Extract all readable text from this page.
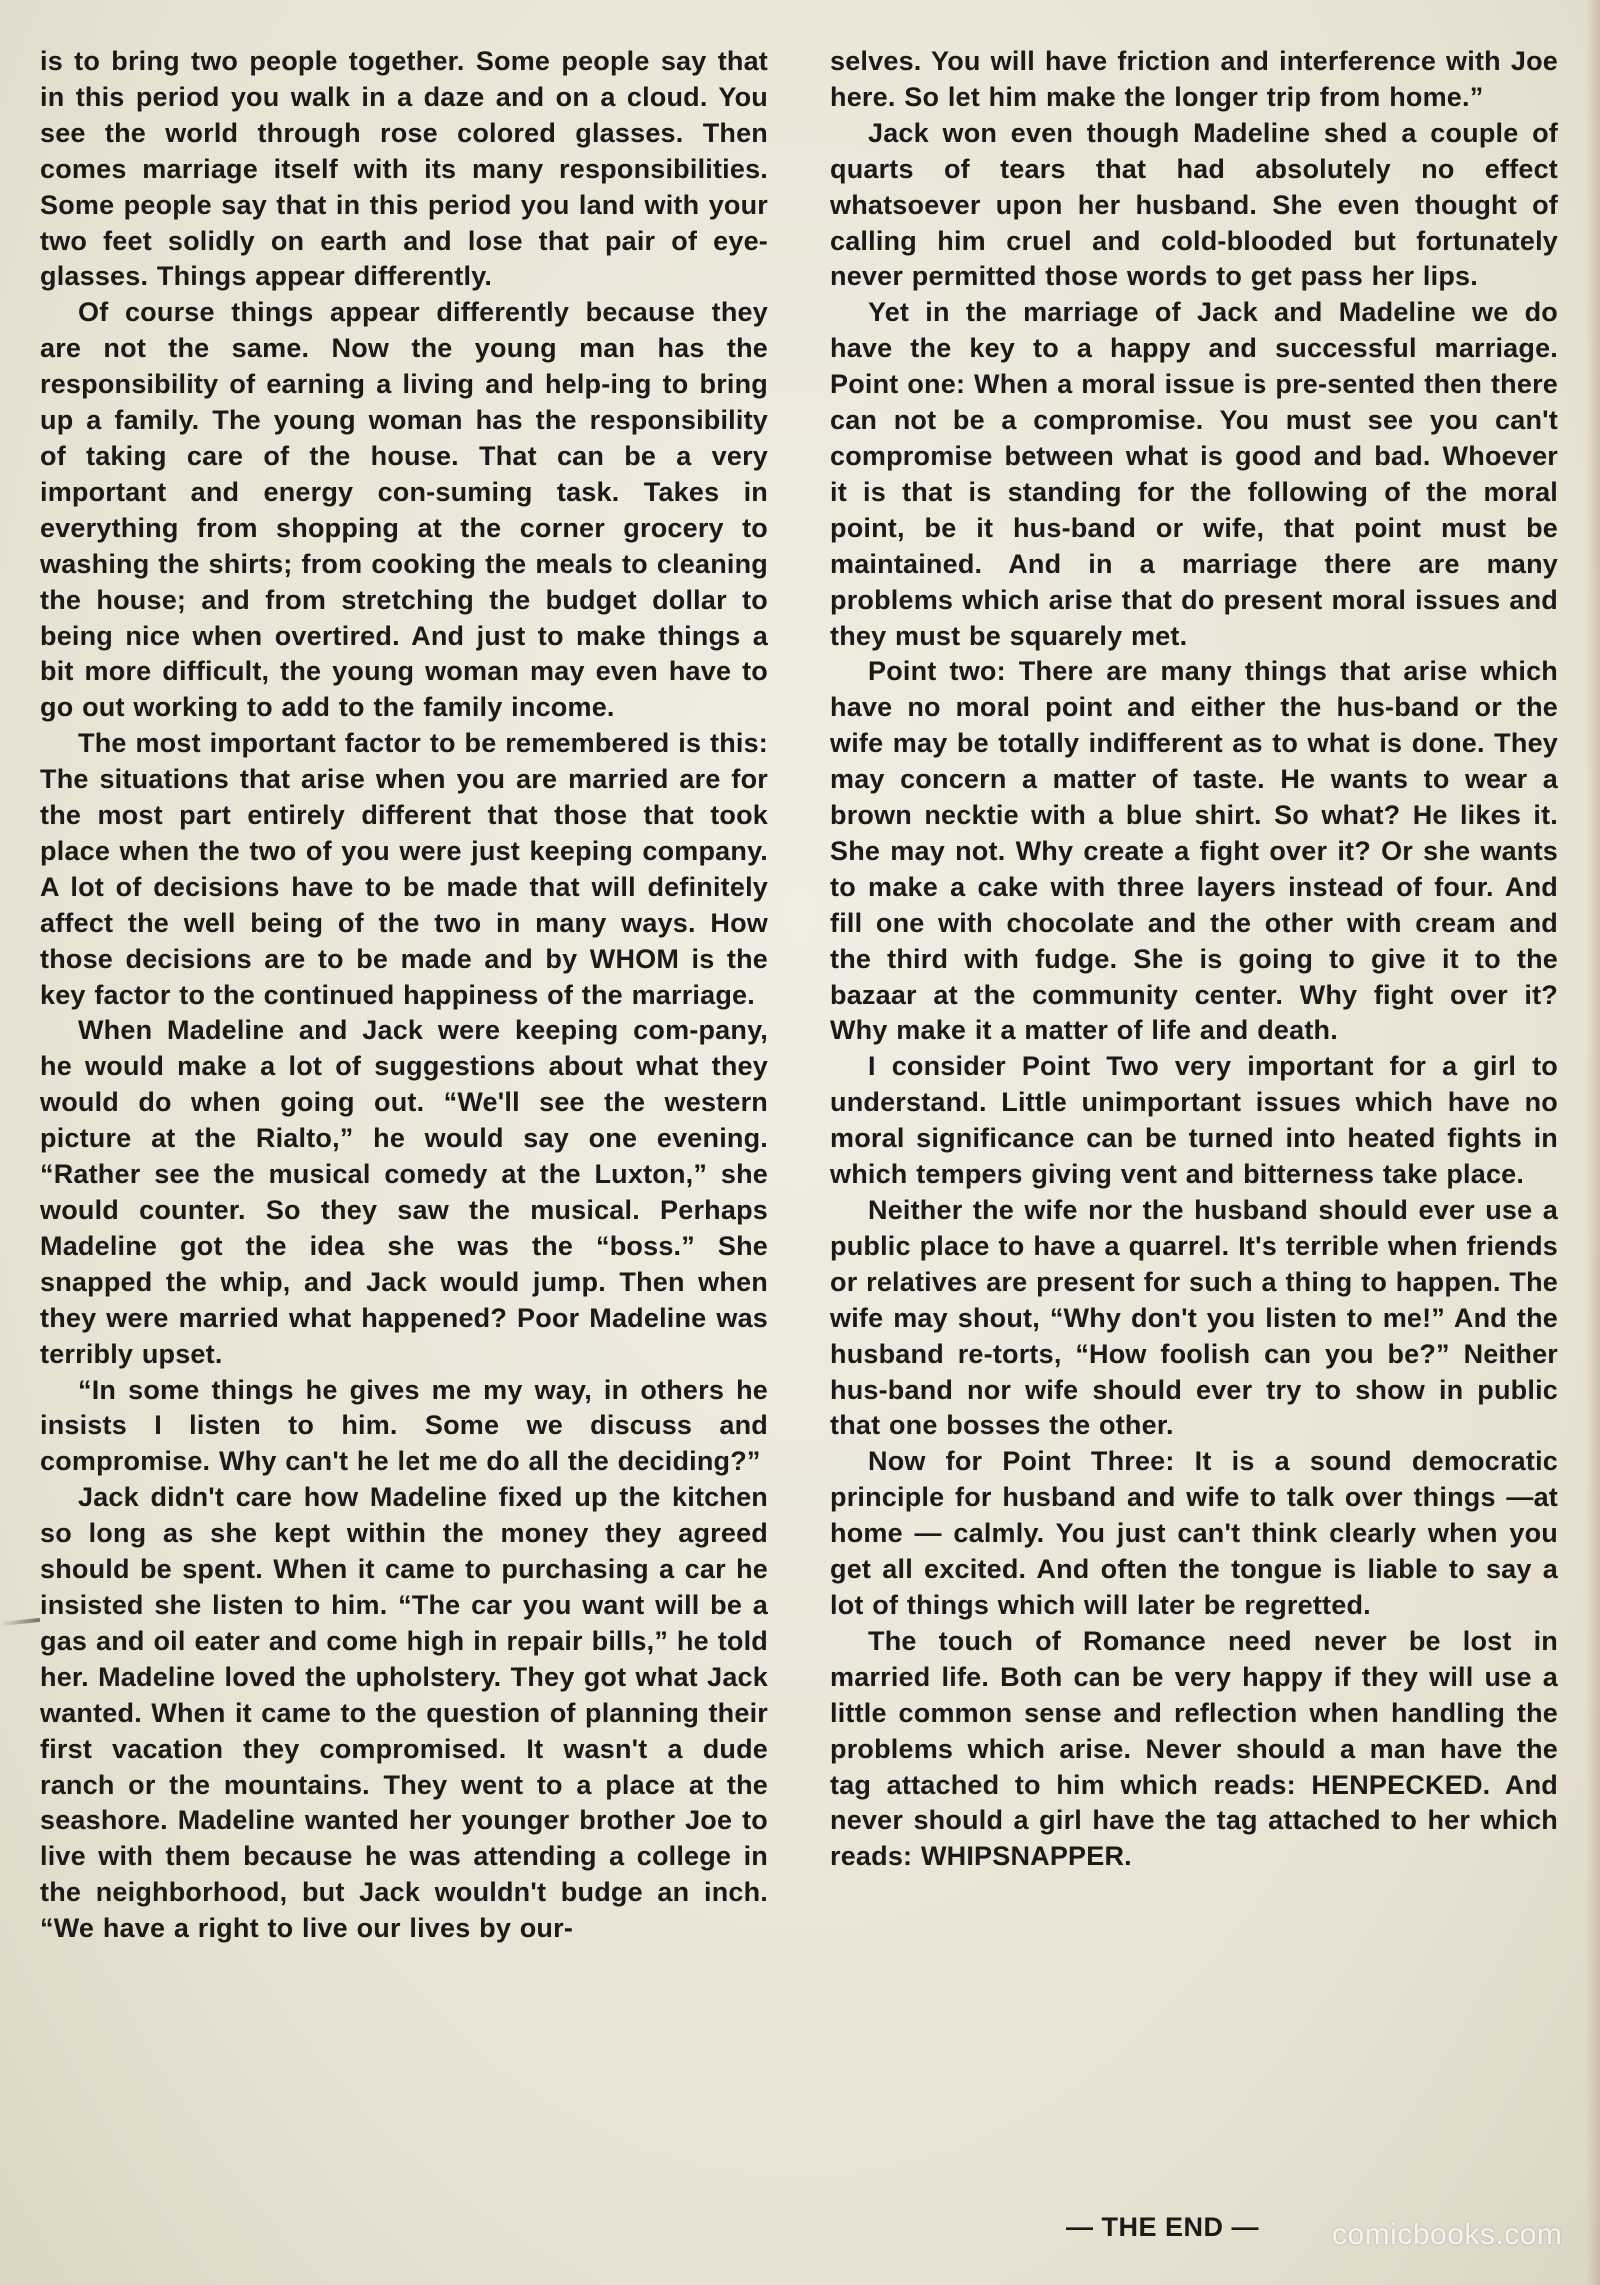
is to bring two people together. Some people say that in this period you walk in a daze and on a cloud. You see the world through rose colored glasses. Then comes marriage itself with its many responsibilities. Some people say that in this period you land with your two feet solidly on earth and lose that pair of eye-glasses. Things appear differently.

Of course things appear differently because they are not the same. Now the young man has the responsibility of earning a living and help-ing to bring up a family. The young woman has the responsibility of taking care of the house. That can be a very important and energy con-suming task. Takes in everything from shopping at the corner grocery to washing the shirts; from cooking the meals to cleaning the house; and from stretching the budget dollar to being nice when overtired. And just to make things a bit more difficult, the young woman may even have to go out working to add to the family income.

The most important factor to be remembered is this: The situations that arise when you are married are for the most part entirely different that those that took place when the two of you were just keeping company. A lot of decisions have to be made that will definitely affect the well being of the two in many ways. How those decisions are to be made and by WHOM is the key factor to the continued happiness of the marriage.

When Madeline and Jack were keeping com-pany, he would make a lot of suggestions about what they would do when going out. “We'll see the western picture at the Rialto,” he would say one evening. “Rather see the musical comedy at the Luxton,” she would counter. So they saw the musical. Perhaps Madeline got the idea she was the “boss.” She snapped the whip, and Jack would jump. Then when they were married what happened? Poor Madeline was terribly upset.

“In some things he gives me my way, in others he insists I listen to him. Some we discuss and compromise. Why can't he let me do all the deciding?”

Jack didn't care how Madeline fixed up the kitchen so long as she kept within the money they agreed should be spent. When it came to purchasing a car he insisted she listen to him. “The car you want will be a gas and oil eater and come high in repair bills,” he told her. Madeline loved the upholstery. They got what Jack wanted. When it came to the question of planning their first vacation they compromised. It wasn't a dude ranch or the mountains. They went to a place at the seashore. Madeline wanted her younger brother Joe to live with them because he was attending a college in the neighborhood, but Jack wouldn't budge an inch. “We have a right to live our lives by our-

selves. You will have friction and interference with Joe here. So let him make the longer trip from home.”

Jack won even though Madeline shed a couple of quarts of tears that had absolutely no effect whatsoever upon her husband. She even thought of calling him cruel and cold-blooded but fortunately never permitted those words to get pass her lips.

Yet in the marriage of Jack and Madeline we do have the key to a happy and successful marriage. Point one: When a moral issue is pre-sented then there can not be a compromise. You must see you can't compromise between what is good and bad. Whoever it is that is standing for the following of the moral point, be it hus-band or wife, that point must be maintained. And in a marriage there are many problems which arise that do present moral issues and they must be squarely met.

Point two: There are many things that arise which have no moral point and either the hus-band or the wife may be totally indifferent as to what is done. They may concern a matter of taste. He wants to wear a brown necktie with a blue shirt. So what? He likes it. She may not. Why create a fight over it? Or she wants to make a cake with three layers instead of four. And fill one with chocolate and the other with cream and the third with fudge. She is going to give it to the bazaar at the community center. Why fight over it? Why make it a matter of life and death.

I consider Point Two very important for a girl to understand. Little unimportant issues which have no moral significance can be turned into heated fights in which tempers giving vent and bitterness take place.

Neither the wife nor the husband should ever use a public place to have a quarrel. It's terrible when friends or relatives are present for such a thing to happen. The wife may shout, “Why don't you listen to me!” And the husband re-torts, “How foolish can you be?” Neither hus-band nor wife should ever try to show in public that one bosses the other.

Now for Point Three: It is a sound democratic principle for husband and wife to talk over things —at home — calmly. You just can't think clearly when you get all excited. And often the tongue is liable to say a lot of things which will later be regretted.

The touch of Romance need never be lost in married life. Both can be very happy if they will use a little common sense and reflection when handling the problems which arise. Never should a man have the tag attached to him which reads: HENPECKED. And never should a girl have the tag attached to her which reads: WHIPSNAPPER.

— THE END — comicbooks.com
